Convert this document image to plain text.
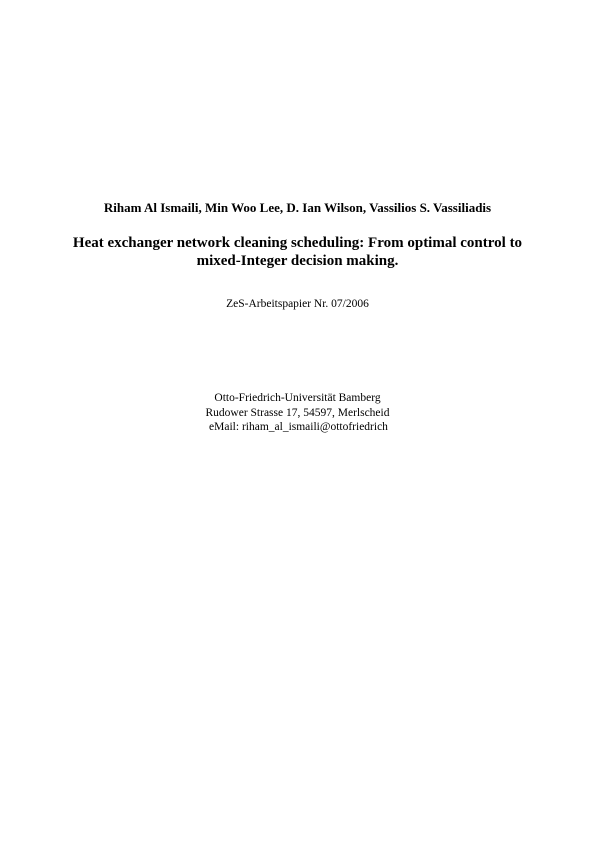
Riham Al Ismaili, Min Woo Lee, D. Ian Wilson, Vassilios S. Vassiliadis
Heat exchanger network cleaning scheduling: From optimal control to
mixed-Integer decision making.
ZeS-Arbeitspapier Nr. 07/2006
Otto-Friedrich-Universität Bamberg
Rudower Strasse 17, 54597, Merlscheid
eMail: riham_al_ismaili@ottofriedrich
